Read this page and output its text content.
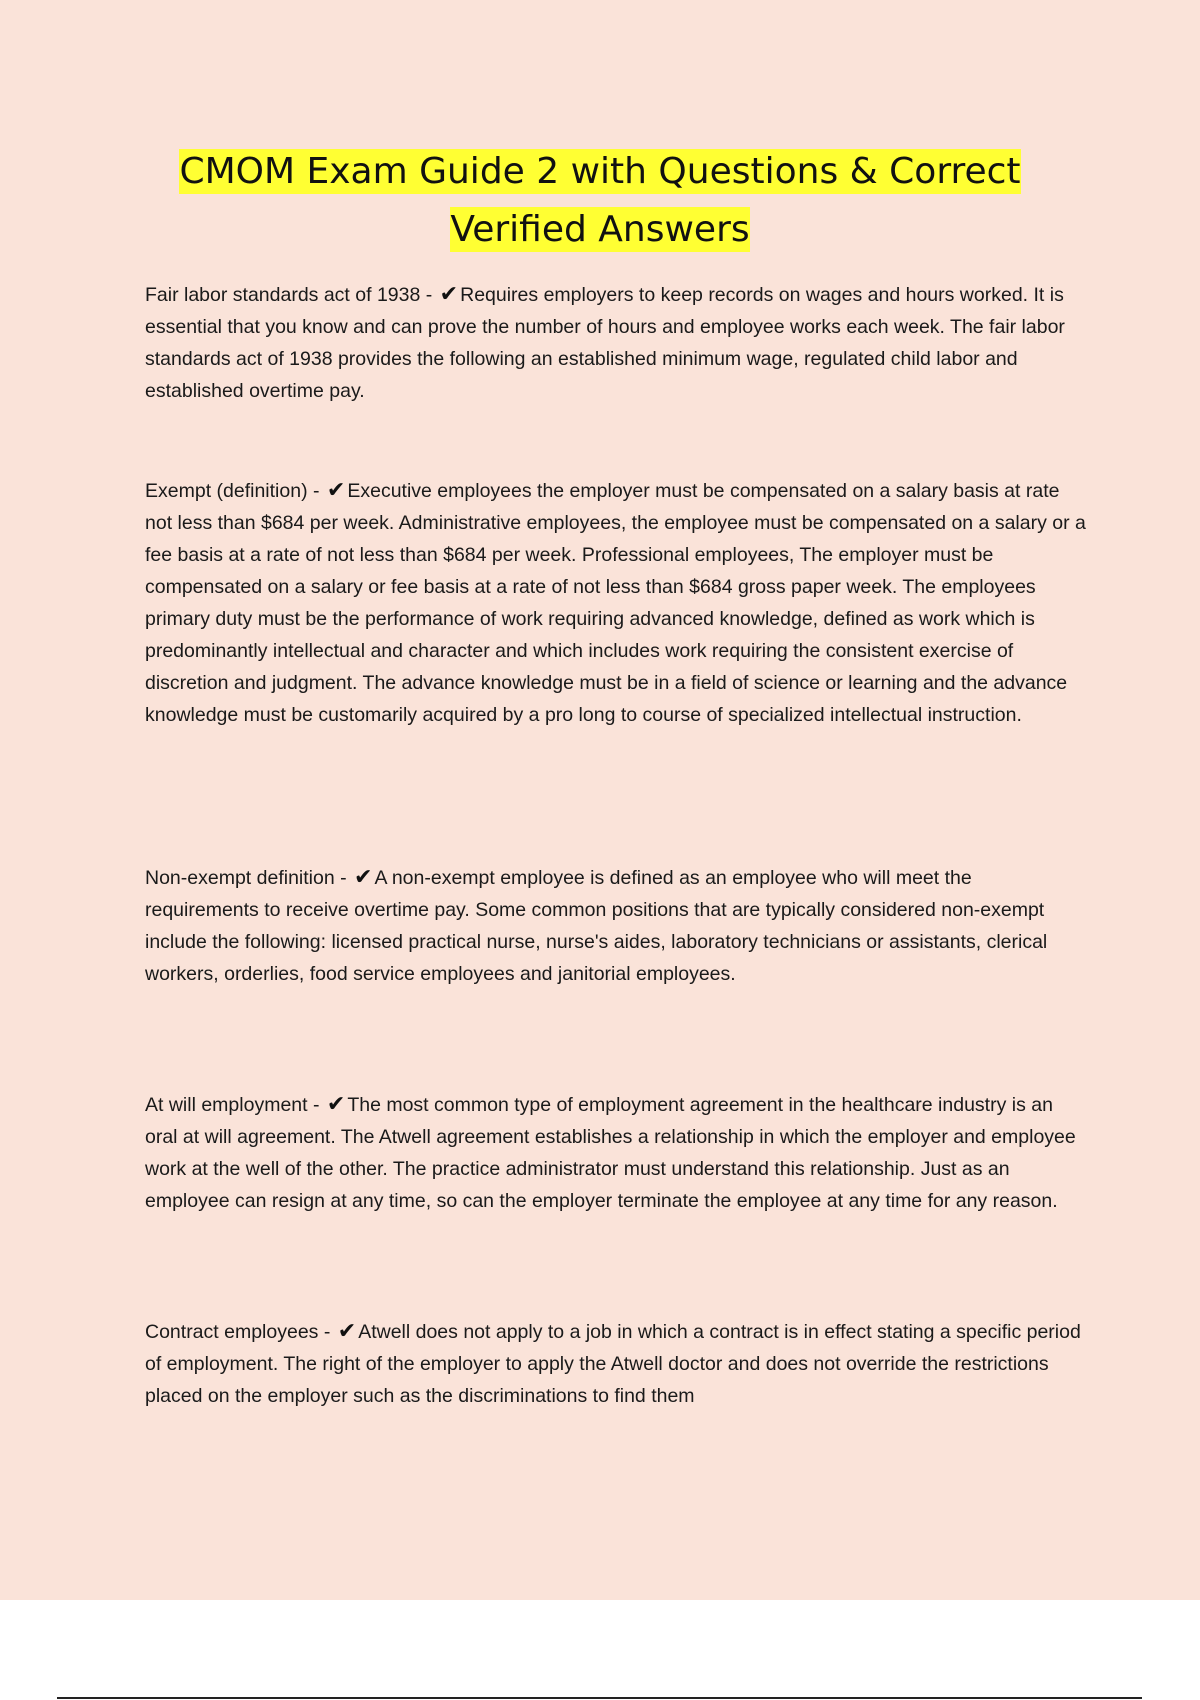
CMOM Exam Guide 2 with Questions & Correct
Verified Answers

Fair labor standards act of 1938 - ✔ Requires employers to keep records on wages and hours worked. It is essential that you know and can prove the number of hours and employee works each week. The fair labor standards act of 1938 provides the following an established minimum wage, regulated child labor and established overtime pay.

Exempt (definition) - ✔ Executive employees the employer must be compensated on a salary basis at rate not less than $684 per week. Administrative employees, the employee must be compensated on a salary or a fee basis at a rate of not less than $684 per week. Professional employees, The employer must be compensated on a salary or fee basis at a rate of not less than $684 gross paper week. The employees primary duty must be the performance of work requiring advanced knowledge, defined as work which is predominantly intellectual and character and which includes work requiring the consistent exercise of discretion and judgment. The advance knowledge must be in a field of science or learning and the advance knowledge must be customarily acquired by a pro long to course of specialized intellectual instruction.

Non-exempt definition - ✔ A non-exempt employee is defined as an employee who will meet the requirements to receive overtime pay. Some common positions that are typically considered non-exempt include the following: licensed practical nurse, nurse's aides, laboratory technicians or assistants, clerical workers, orderlies, food service employees and janitorial employees.

At will employment - ✔ The most common type of employment agreement in the healthcare industry is an oral at will agreement. The Atwell agreement establishes a relationship in which the employer and employee work at the well of the other. The practice administrator must understand this relationship. Just as an employee can resign at any time, so can the employer terminate the employee at any time for any reason.

Contract employees - ✔ Atwell does not apply to a job in which a contract is in effect stating a specific period of employment. The right of the employer to apply the Atwell doctor and does not override the restrictions placed on the employer such as the discriminations to find them
